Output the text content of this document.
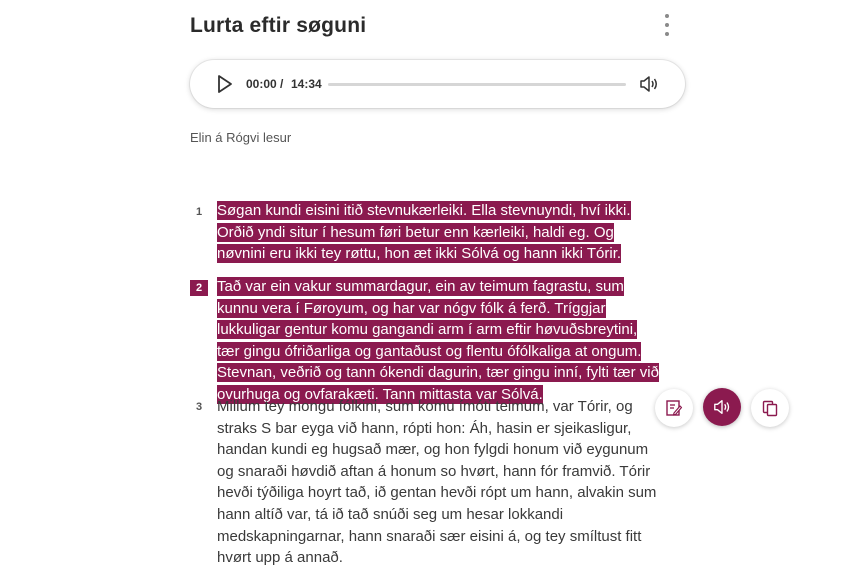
Lurta eftir søguni
00:00 / 14:34
Elin á Rógvi lesur
1 Søgan kundi eisini itið stevnukærleiki. Ella stevnuyndi, hví ikki. Orðið yndi situr í hesum føri betur enn kærleiki, haldi eg. Og nøvnini eru ikki tey røttu, hon æt ikki Sólvá og hann ikki Tórir.
2 Tað var ein vakur summardagur, ein av teimum fagrastu, sum kunnu vera í Føroyum, og har var nógv fólk á ferð. Tríggjar lukkuligar gentur komu gangandi arm í arm eftir høvuðsbreytini, tær gingu ófriðarliga og gantaðust og flentu ófólkaliga at ongum. Stevnan, veðrið og tann ókendi dagurin, tær gingu inní, fylti tær við ovurhuga og ovfarakæti. Tann mittasta var Sólvá.
3 Millum tey mongu fólkini, sum komu ímóti teimum, var Tórir, og straks S bar eyga við hann, rópti hon: Áh, hasin er sjeikasligur, handan kundi eg hugsað mær, og hon fylgdi honum við eygunum og snaraði høvdið aftan á honum so hvørt, hann fór framvið. Tórir hevði týðiliga hoyrt tað, ið gentan hevði rópt um hann, alvakin sum hann altíð var, tá ið tað snúði seg um hesar lokkandi medskapningarnar, hann snaraði sær eisini á, og tey smíltust fitt hvørt upp á annað.
